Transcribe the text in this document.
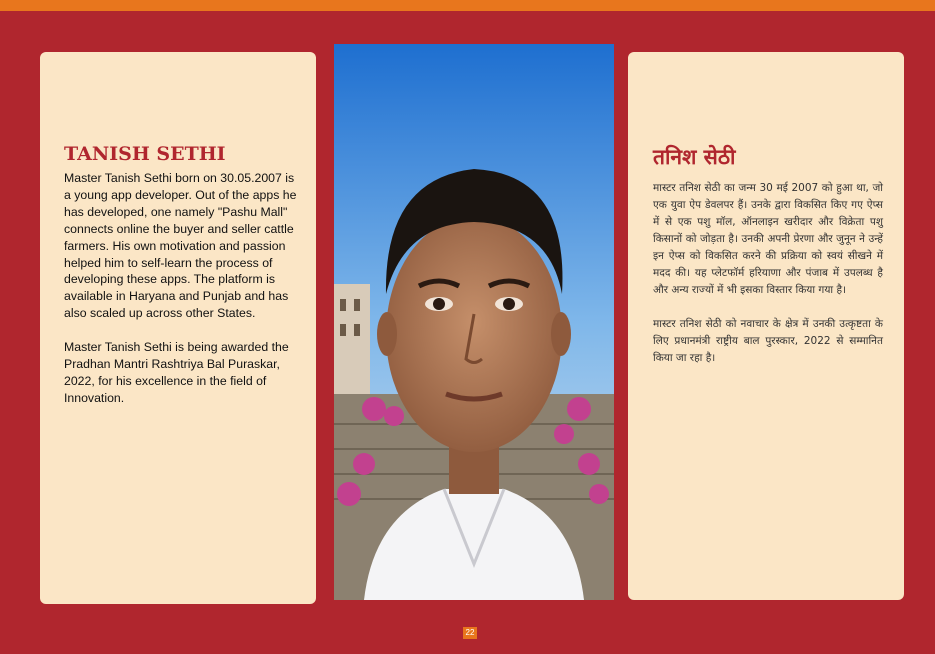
TANISH SETHI

Master Tanish Sethi born on 30.05.2007 is a young app developer. Out of the apps he has developed, one namely "Pashu Mall" connects online the buyer and seller cattle farmers. His own motivation and passion helped him to self-learn the process of developing these apps. The platform is available in Haryana and Punjab and has also scaled up across other States.

Master Tanish Sethi is being awarded the Pradhan Mantri Rashtriya Bal Puraskar, 2022, for his excellence in the field of Innovation.

तनिश सेठी

मास्टर तनिश सेठी का जन्म 30 मई 2007 को हुआ था, जो एक युवा ऐप डेवलपर हैं। उनके द्वारा विकसित किए गए ऐप्स में से एक पशु मॉल, ऑनलाइन खरीदार और विक्रेता पशु किसानों को जोड़ता है। उनकी अपनी प्रेरणा और जुनून ने उन्हें इन ऐप्स को विकसित करने की प्रक्रिया को स्वयं सीखने में मदद की। यह प्लेटफॉर्म हरियाणा और पंजाब में उपलब्ध है और अन्य राज्यों में भी इसका विस्तार किया गया है।

मास्टर तनिश सेठी को नवाचार के क्षेत्र में उनकी उत्कृष्टता के लिए प्रधानमंत्री राष्ट्रीय बाल पुरस्कार, 2022 से सम्मानित किया जा रहा है।

22
